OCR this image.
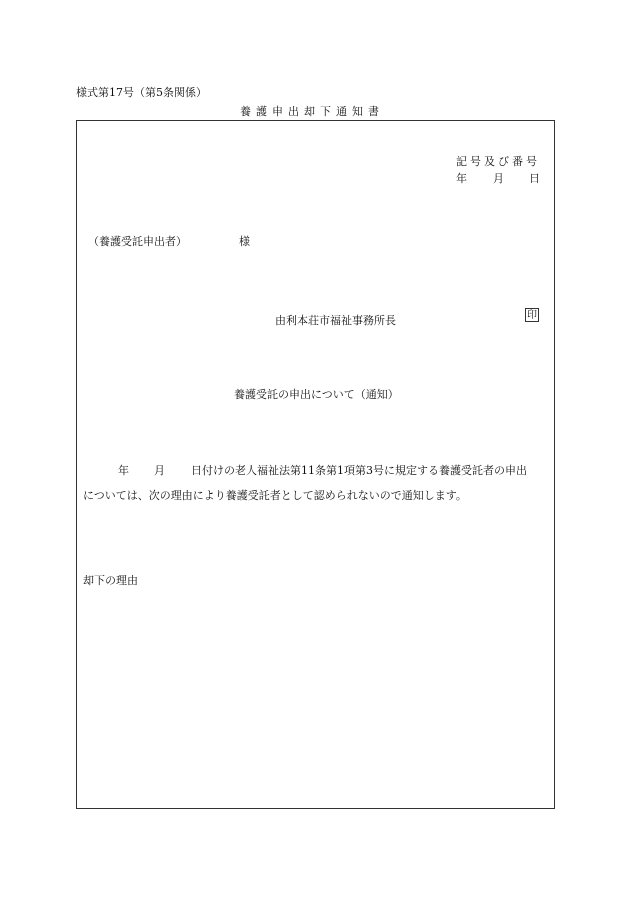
様式第17号（第5条関係）
養護申出却下通知書
記号及び番号
年 月 日
（養護受託申出者）	様
由利本荘市福祉事務所長	印
養護受託の申出について（通知）
年 月 日付けの老人福祉法第11条第1項第3号に規定する養護受託者の申出
については、次の理由により養護受託者として認められないので通知します。
却下の理由
